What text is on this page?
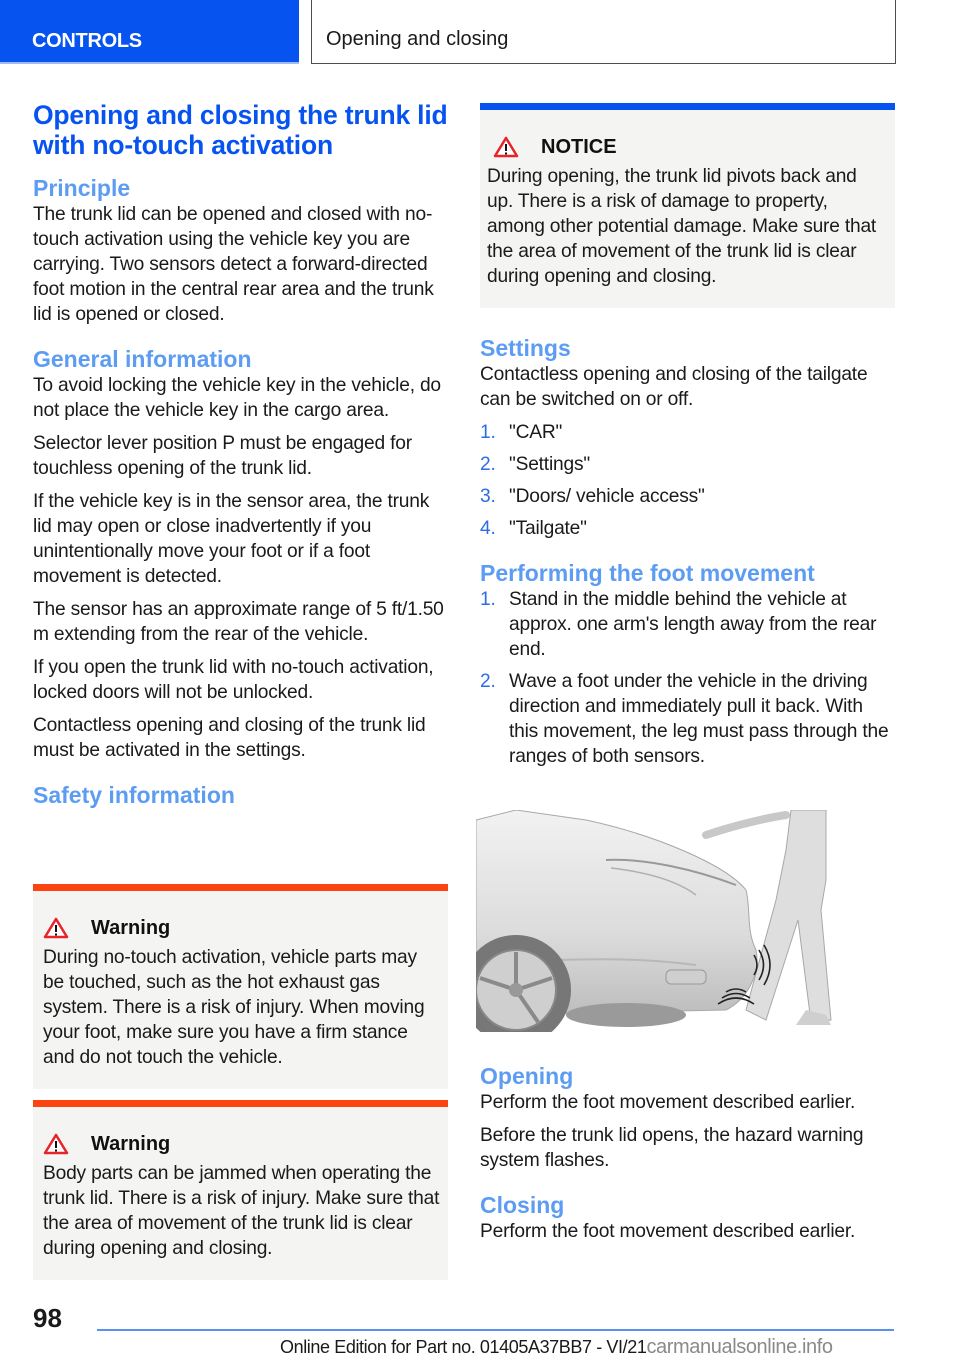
CONTROLS	Opening and closing
Opening and closing the trunk lid with no-touch activation
Principle

The trunk lid can be opened and closed with no-touch activation using the vehicle key you are carrying. Two sensors detect a forward-directed foot motion in the central rear area and the trunk lid is opened or closed.

General information

To avoid locking the vehicle key in the vehicle, do not place the vehicle key in the cargo area.

Selector lever position P must be engaged for touchless opening of the trunk lid.

If the vehicle key is in the sensor area, the trunk lid may open or close inadvertently if you unintentionally move your foot or if a foot movement is detected.

The sensor has an approximate range of 5 ft/1.50 m extending from the rear of the vehicle.

If you open the trunk lid with no-touch activation, locked doors will not be unlocked.

Contactless opening and closing of the trunk lid must be activated in the settings.

Safety information
Warning

During no-touch activation, vehicle parts may be touched, such as the hot exhaust gas system. There is a risk of injury. When moving your foot, make sure you have a firm stance and do not touch the vehicle.

Warning

Body parts can be jammed when operating the trunk lid. There is a risk of injury. Make sure that the area of movement of the trunk lid is clear during opening and closing.

NOTICE

During opening, the trunk lid pivots back and up. There is a risk of damage to property, among other potential damage. Make sure that the area of movement of the trunk lid is clear during opening and closing.

Settings

Contactless opening and closing of the tailgate can be switched on or off.

1. "CAR"
2. "Settings"
3. "Doors/ vehicle access"
4. "Tailgate"
Performing the foot movement
1. Stand in the middle behind the vehicle at approx. one arm's length away from the rear end.
2. Wave a foot under the vehicle in the driving direction and immediately pull it back. With this movement, the leg must pass through the ranges of both sensors.
Opening

Perform the foot movement described earlier.

Before the trunk lid opens, the hazard warning system flashes.

Closing

Perform the foot movement described earlier.

98
Online Edition for Part no. 01405A37BB7 - VI/21carmanualsonline.info
